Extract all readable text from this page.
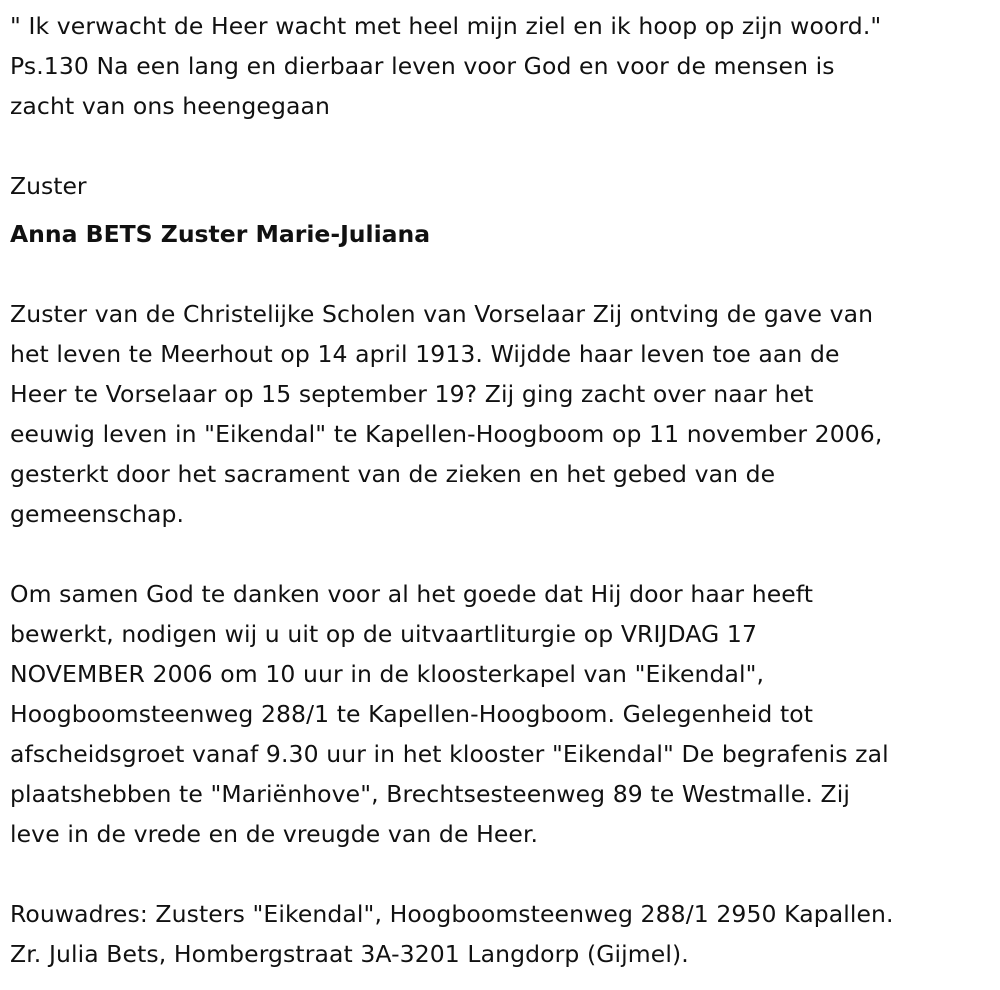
" Ik verwacht de Heer wacht met heel mijn ziel en ik hoop op zijn woord."
Ps.130 Na een lang en dierbaar leven voor God en voor de mensen is
zacht van ons heengegaan

Zuster

Anna BETS Zuster Marie-Juliana

Zuster van de Christelijke Scholen van Vorselaar Zij ontving de gave van
het leven te Meerhout op 14 april 1913. Wijdde haar leven toe aan de
Heer te Vorselaar op 15 september 19? Zij ging zacht over naar het
eeuwig leven in "Eikendal" te Kapellen-Hoogboom op 11 november 2006,
gesterkt door het sacrament van de zieken en het gebed van de
gemeenschap.

Om samen God te danken voor al het goede dat Hij door haar heeft
bewerkt, nodigen wij u uit op de uitvaartliturgie op VRIJDAG 17
NOVEMBER 2006 om 10 uur in de kloosterkapel van "Eikendal",
Hoogboomsteenweg 288/1 te Kapellen-Hoogboom. Gelegenheid tot
afscheidsgroet vanaf 9.30 uur in het klooster "Eikendal" De begrafenis zal
plaatshebben te "Mariënhove", Brechtsesteenweg 89 te Westmalle. Zij
leve in de vrede en de vreugde van de Heer.

Rouwadres: Zusters "Eikendal", Hoogboomsteenweg 288/1 2950 Kapallen.
Zr. Julia Bets, Hombergstraat 3A-3201 Langdorp (Gijmel).
